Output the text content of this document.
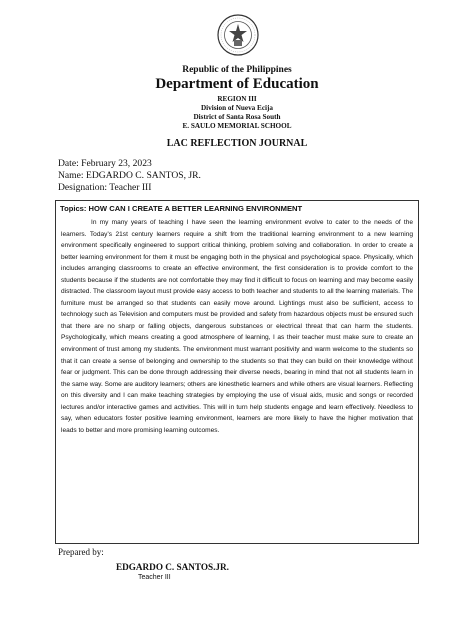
Republic of the Philippines
Department of Education
REGION III
Division of Nueva Ecija
District of Santa Rosa South
E. SAULO MEMORIAL SCHOOL
LAC REFLECTION JOURNAL
Date: February 23, 2023
Name: EDGARDO C. SANTOS, JR.
Designation: Teacher III
Topics: HOW CAN I CREATE A BETTER LEARNING ENVIRONMENT

In my many years of teaching I have seen the learning environment evolve to cater to the needs of the learners. Today’s 21st century learners require a shift from the traditional learning environment to a new learning environment specifically engineered to support critical thinking, problem solving and collaboration. In order to create a better learning environment for them it must be engaging both in the physical and psychological space. Physically, which includes arranging classrooms to create an effective environment, the first consideration is to provide comfort to the students because if the students are not comfortable they may find it difficult to focus on learning and may become easily distracted. The classroom layout must provide easy access to both teacher and students to all the learning materials. The furniture must be arranged so that students can easily move around. Lightings must also be sufficient, access to technology such as Television and computers must be provided and safety from hazardous objects must be ensured such that there are no sharp or falling objects, dangerous substances or electrical threat that can harm the students. Psychologically, which means creating a good atmosphere of learning, I as their teacher must make sure to create an environment of trust among my students. The environment must warrant positivity and warm welcome to the students so that it can create a sense of belonging and ownership to the students so that they can build on their knowledge without fear or judgment. This can be done through addressing their diverse needs, bearing in mind that not all students learn in the same way. Some are auditory learners; others are kinesthetic learners and while others are visual learners. Reflecting on this diversity and I can make teaching strategies by employing the use of visual aids, music and songs or recorded lectures and/or interactive games and activities. This will in turn help students engage and learn effectively. Needless to say, when educators foster positive learning environment, learners are more likely to have the higher motivation that leads to better and more promising learning outcomes.

Prepared by:
EDGARDO C. SANTOS.JR.
Teacher III
